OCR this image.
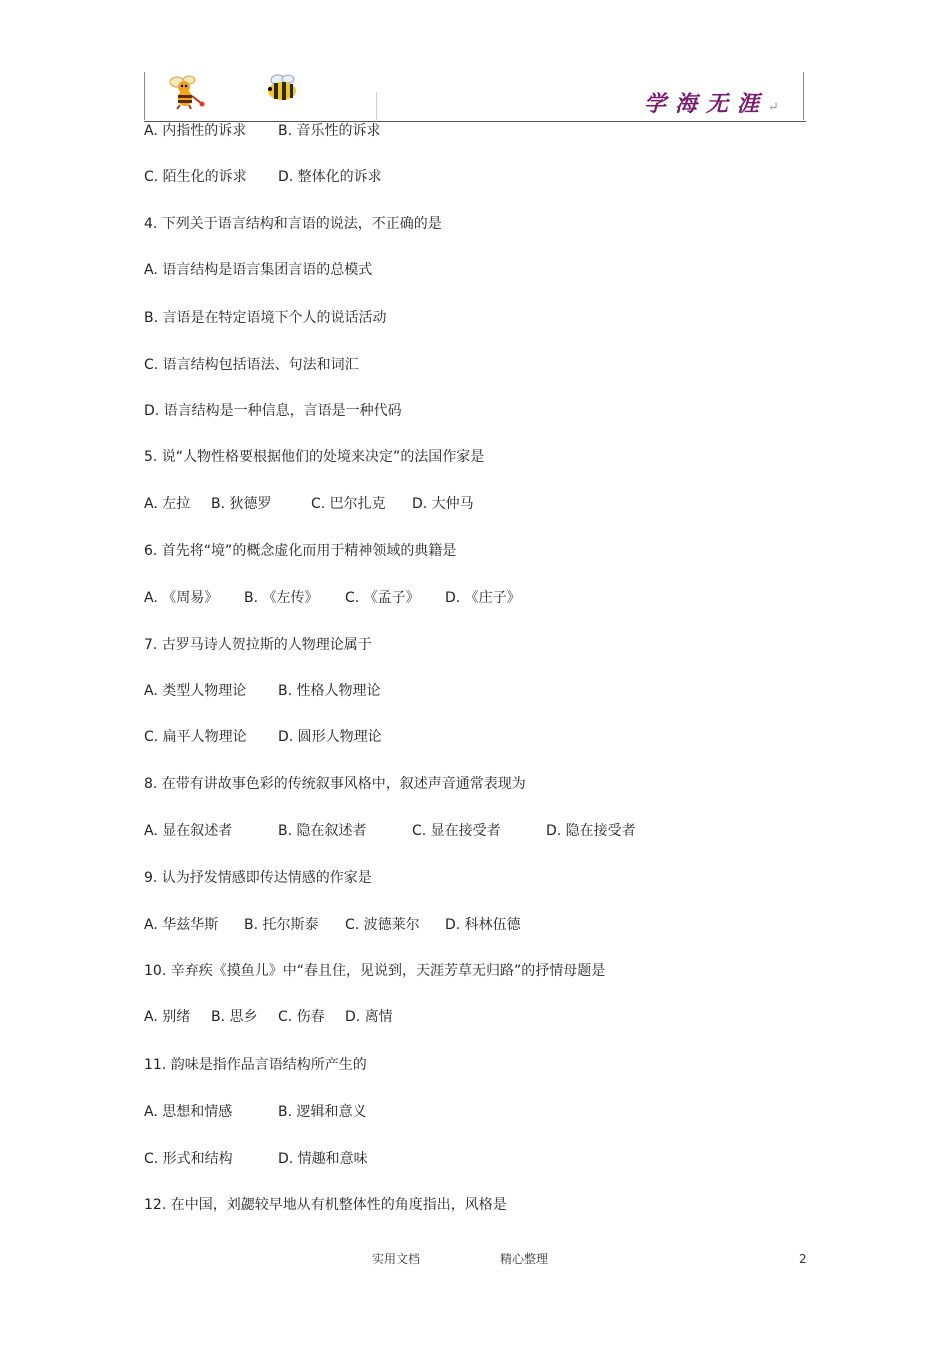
学海无涯↵
A. 内指性的诉求 B. 音乐性的诉求
C. 陌生化的诉求 D. 整体化的诉求
4. 下列关于语言结构和言语的说法，不正确的是
A. 语言结构是语言集团言语的总模式
B. 言语是在特定语境下个人的说话活动
C. 语言结构包括语法、句法和词汇
D. 语言结构是一种信息，言语是一种代码
5. 说“人物性格要根据他们的处境来决定”的法国作家是
A. 左拉 B. 狄德罗	C. 巴尔扎克 D. 大仲马
6. 首先将“境”的概念虚化而用于精神领域的典籍是
A. 《周易》 B. 《左传》 C. 《孟子》 D. 《庄子》
7. 古罗马诗人贺拉斯的人物理论属于
A. 类型人物理论 B. 性格人物理论
C. 扁平人物理论 D. 圆形人物理论
8. 在带有讲故事色彩的传统叙事风格中，叙述声音通常表现为
A. 显在叙述者	B. 隐在叙述者	C. 显在接受者	D. 隐在接受者
9. 认为抒发情感即传达情感的作家是
A. 华兹华斯 B. 托尔斯泰 C. 波德莱尔 D. 科林伍德
10. 辛弃疾《摸鱼儿》中“春且住，见说到，天涯芳草无归路”的抒情母题是
A. 别绪 B. 思乡 C. 伤春 D. 离情
11. 韵味是指作品言语结构所产生的
A. 思想和情感	B. 逻辑和意义
C. 形式和结构	D. 情趣和意味
12. 在中国，刘勰较早地从有机整体性的角度指出，风格是
实用文档	精心整理	2
